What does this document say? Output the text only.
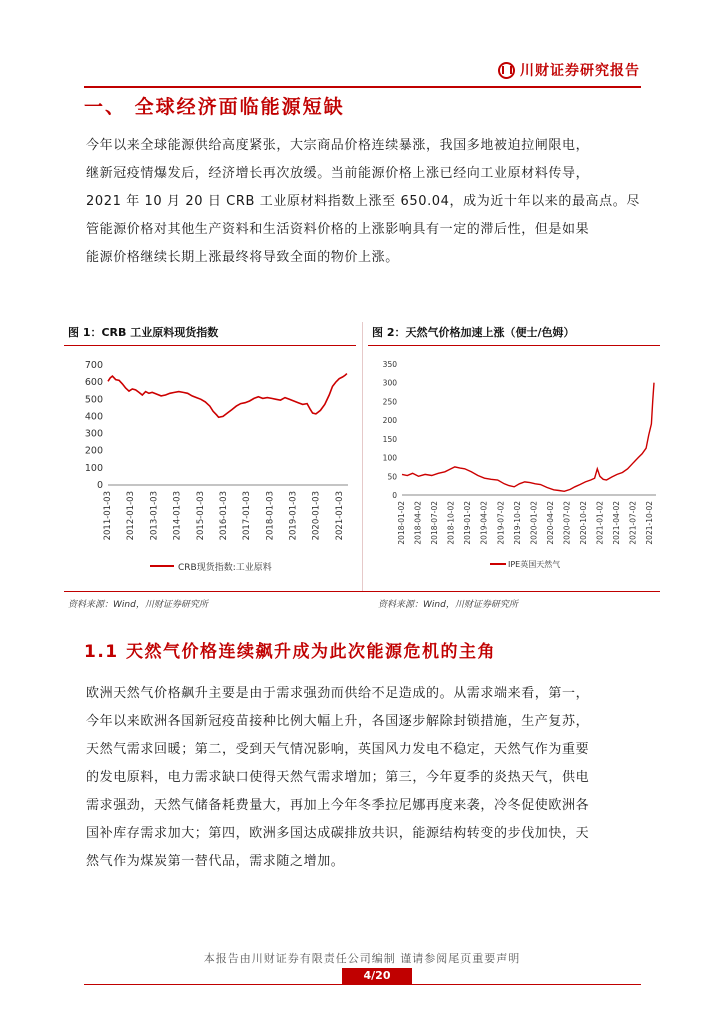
川财证券研究报告
一、 全球经济面临能源短缺

今年以来全球能源供给高度紧张，大宗商品价格连续暴涨，我国多地被迫拉闸限电，

继新冠疫情爆发后，经济增长再次放缓。当前能源价格上涨已经向工业原材料传导，

2021 年 10 月 20 日 CRB 工业原材料指数上涨至 650.04，成为近十年以来的最高点。尽

管能源价格对其他生产资料和生活资料价格的上涨影响具有一定的滞后性，但是如果

能源价格继续长期上涨最终将导致全面的物价上涨。

图 1：CRB 工业原料现货指数	图 2：天然气价格加速上涨（便士/色姆）
0
100
200
300
400
500
600
700
2011-01-03 2012-01-03 2013-01-03 2014-01-03 2015-01-03 2016-01-03 2017-01-03 2018-01-03 2019-01-03 2020-01-03 2021-01-03
CRB现货指数:工业原料
0
50
100
150
200
250
300
350
2018-01-02 2018-04-02 2018-07-02 2018-10-02 2019-01-02 2019-04-02 2019-07-02 2019-10-02 2020-01-02 2020-04-02 2020-07-02 2020-10-02 2021-01-02 2021-04-02 2021-07-02 2021-10-02
IPE英国天然气
资料来源：Wind，川财证券研究所	资料来源：Wind，川财证券研究所
1.1 天然气价格连续飙升成为此次能源危机的主角

欧洲天然气价格飙升主要是由于需求强劲而供给不足造成的。从需求端来看，第一，

今年以来欧洲各国新冠疫苗接种比例大幅上升，各国逐步解除封锁措施，生产复苏，

天然气需求回暖；第二，受到天气情况影响，英国风力发电不稳定，天然气作为重要

的发电原料，电力需求缺口使得天然气需求增加；第三，今年夏季的炎热天气，供电

需求强劲，天然气储备耗费量大，再加上今年冬季拉尼娜再度来袭，冷冬促使欧洲各

国补库存需求加大；第四，欧洲多国达成碳排放共识，能源结构转变的步伐加快，天

然气作为煤炭第一替代品，需求随之增加。

本报告由川财证券有限责任公司编制 谨请参阅尾页重要声明
4/20
